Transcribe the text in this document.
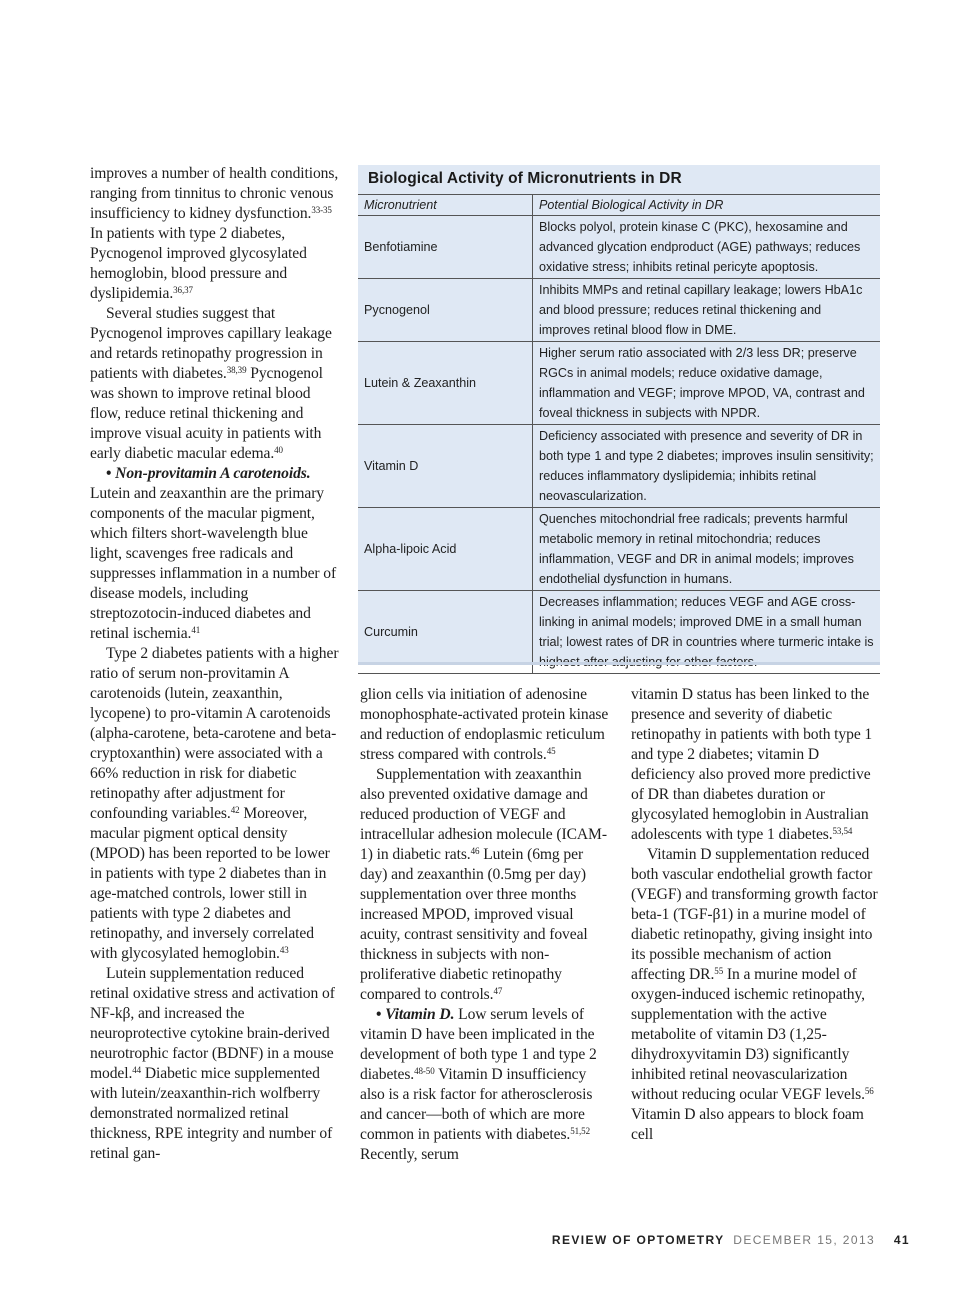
improves a number of health conditions, ranging from tinnitus to chronic venous insufficiency to kidney dysfunction.$^{33-35}$ In patients with type 2 diabetes, Pycnogenol improved glycosylated hemoglobin, blood pressure and dyslipidemia.$^{36,37}$

Several studies suggest that Pycnogenol improves capillary leakage and retards retinopathy progression in patients with diabetes.$^{38,39}$ Pycnogenol was shown to improve retinal blood flow, reduce retinal thickening and improve visual acuity in patients with early diabetic macular edema.$^{40}$

• Non-provitamin A carotenoids. Lutein and zeaxanthin are the primary components of the macular pigment, which filters short-wavelength blue light, scavenges free radicals and suppresses inflammation in a number of disease models, including streptozotocin-induced diabetes and retinal ischemia.$^{41}$

Type 2 diabetes patients with a higher ratio of serum non-provitamin A carotenoids (lutein, zeaxanthin, lycopene) to pro-vitamin A carotenoids (alpha-carotene, beta-carotene and beta-cryptoxanthin) were associated with a 66% reduction in risk for diabetic retinopathy after adjustment for confounding variables.$^{42}$ Moreover, macular pigment optical density (MPOD) has been reported to be lower in patients with type 2 diabetes than in age-matched controls, lower still in patients with type 2 diabetes and retinopathy, and inversely correlated with glycosylated hemoglobin.$^{43}$

Lutein supplementation reduced retinal oxidative stress and activation of NF-kβ, and increased the neuroprotective cytokine brain-derived neurotrophic factor (BDNF) in a mouse model.$^{44}$ Diabetic mice supplemented with lutein/zeaxanthin-rich wolfberry demonstrated normalized retinal thickness, RPE integrity and number of retinal gan-

Biological Activity of Micronutrients in DR
Micronutrient	Potential Biological Activity in DR
Benfotiamine	Blocks polyol, protein kinase C (PKC), hexosamine and advanced glycation endproduct (AGE) pathways; reduces oxidative stress; inhibits retinal pericyte apoptosis.
Pycnogenol	Inhibits MMPs and retinal capillary leakage; lowers HbA1c and blood pressure; reduces retinal thickening and improves retinal blood flow in DME.
Lutein & Zeaxanthin	Higher serum ratio associated with 2/3 less DR; preserve RGCs in animal models; reduce oxidative damage, inflammation and VEGF; improve MPOD, VA, contrast and foveal thickness in subjects with NPDR.
Vitamin D	Deficiency associated with presence and severity of DR in both type 1 and type 2 diabetes; improves insulin sensitivity; reduces inflammatory dyslipidemia; inhibits retinal neovascularization.
Alpha-lipoic Acid	Quenches mitochondrial free radicals; prevents harmful metabolic memory in retinal mitochondria; reduces inflammation, VEGF and DR in animal models; improves endothelial dysfunction in humans.
Curcumin	Decreases inflammation; reduces VEGF and AGE cross-linking in animal models; improved DME in a small human trial; lowest rates of DR in countries where turmeric intake is

glion cells via initiation of adenosine monophosphate-activated protein kinase and reduction of endoplasmic reticulum stress compared with controls.$^{45}$

Supplementation with zeaxanthin also prevented oxidative damage and reduced production of VEGF and intracellular adhesion molecule (ICAM-1) in diabetic rats.$^{46}$ Lutein (6mg per day) and zeaxanthin (0.5mg per day) supplementation over three months increased MPOD, improved visual acuity, contrast sensitivity and foveal thickness in subjects with non-proliferative diabetic retinopathy compared to controls.$^{47}$

• Vitamin D. Low serum levels of vitamin D have been implicated in the development of both type 1 and type 2 diabetes.$^{48-50}$ Vitamin D insufficiency also is a risk factor for atherosclerosis and cancer—both of which are more common in patients with diabetes.$^{51,52}$ Recently, serum

vitamin D status has been linked to the presence and severity of diabetic retinopathy in patients with both type 1 and type 2 diabetes; vitamin D deficiency also proved more predictive of DR than diabetes duration or glycosylated hemoglobin in Australian adolescents with type 1 diabetes.$^{53,54}$

Vitamin D supplementation reduced both vascular endothelial growth factor (VEGF) and transforming growth factor beta-1 (TGF-β1) in a murine model of diabetic retinopathy, giving insight into its possible mechanism of action affecting DR.$^{55}$ In a murine model of oxygen-induced ischemic retinopathy, supplementation with the active metabolite of vitamin D3 (1,25-dihydroxyvitamin D3) significantly inhibited retinal neovascularization without reducing ocular VEGF levels.$^{56}$ Vitamin D also appears to block foam cell

REVIEW OF OPTOMETRY DECEMBER 15, 2013 41
